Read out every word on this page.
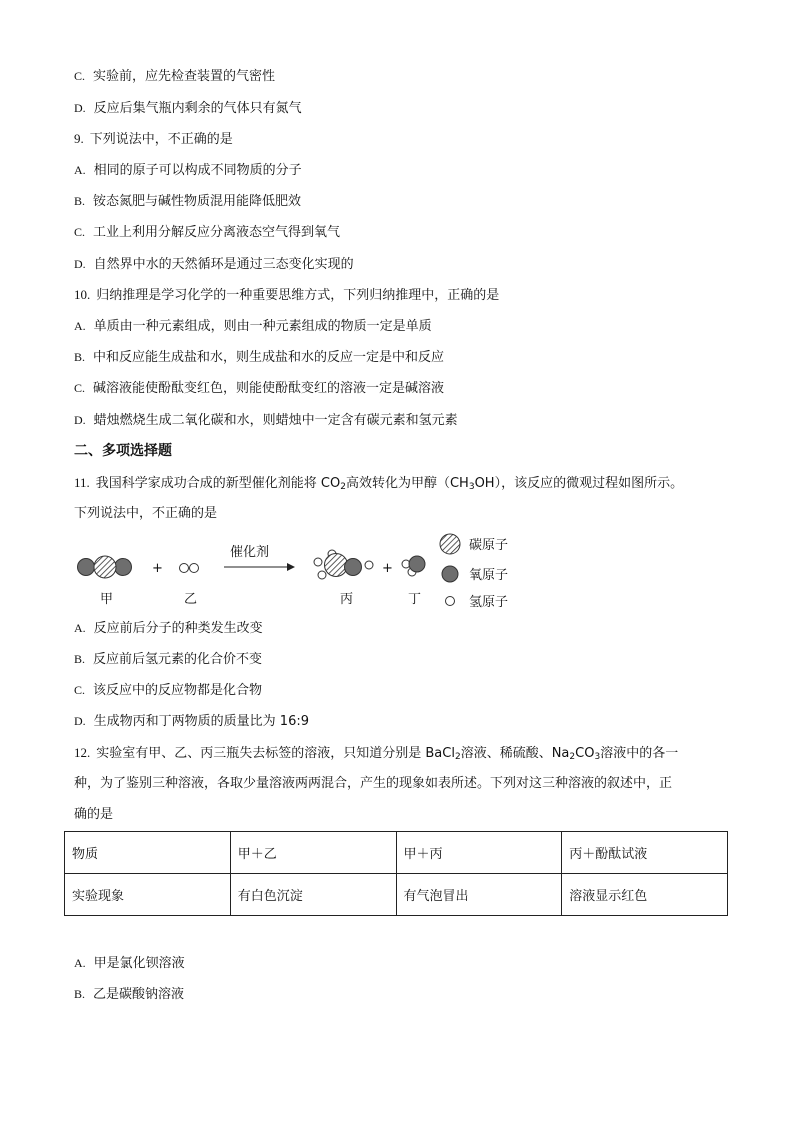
C. 实验前，应先检查装置的气密性
D. 反应后集气瓶内剩余的气体只有氮气
9. 下列说法中，不正确的是
A. 相同的原子可以构成不同物质的分子
B. 铵态氮肥与碱性物质混用能降低肥效
C. 工业上利用分解反应分离液态空气得到氧气
D. 自然界中水的天然循环是通过三态变化实现的
10. 归纳推理是学习化学的一种重要思维方式，下列归纳推理中，正确的是
A. 单质由一种元素组成，则由一种元素组成的物质一定是单质
B. 中和反应能生成盐和水，则生成盐和水的反应一定是中和反应
C. 碱溶液能使酚酞变红色，则能使酚酞变红的溶液一定是碱溶液
D. 蜡烛燃烧生成二氧化碳和水，则蜡烛中一定含有碳元素和氢元素
二、多项选择题
11. 我国科学家成功合成的新型催化剂能将 $CO_2$高效转化为甲醇$(CH_3OH)$，该反应的微观过程如图所示。
下列说法中，不正确的是
+
催化剂
+
甲	乙	丙	丁
碳原子
氧原子
氢原子
A. 反应前后分子的种类发生改变
B. 反应前后氢元素的化合价不变
C. 该反应中的反应物都是化合物
D. 生成物丙和丁两物质的质量比为 16:9
12. 实验室有甲、乙、丙三瓶失去标签的溶液，只知道分别是 BaCl$_2$溶液、稀硫酸、$Na_2CO_3$溶液中的各一
种，为了鉴别三种溶液，各取少量溶液两两混合，产生的现象如表所述。下列对这三种溶液的叙述中，正
确的是
物质	甲＋乙	甲＋丙	丙＋酚酞试液
实验现象	有白色沉淀	有气泡冒出	溶液显示红色
A. 甲是氯化钡溶液
B. 乙是碳酸钠溶液
